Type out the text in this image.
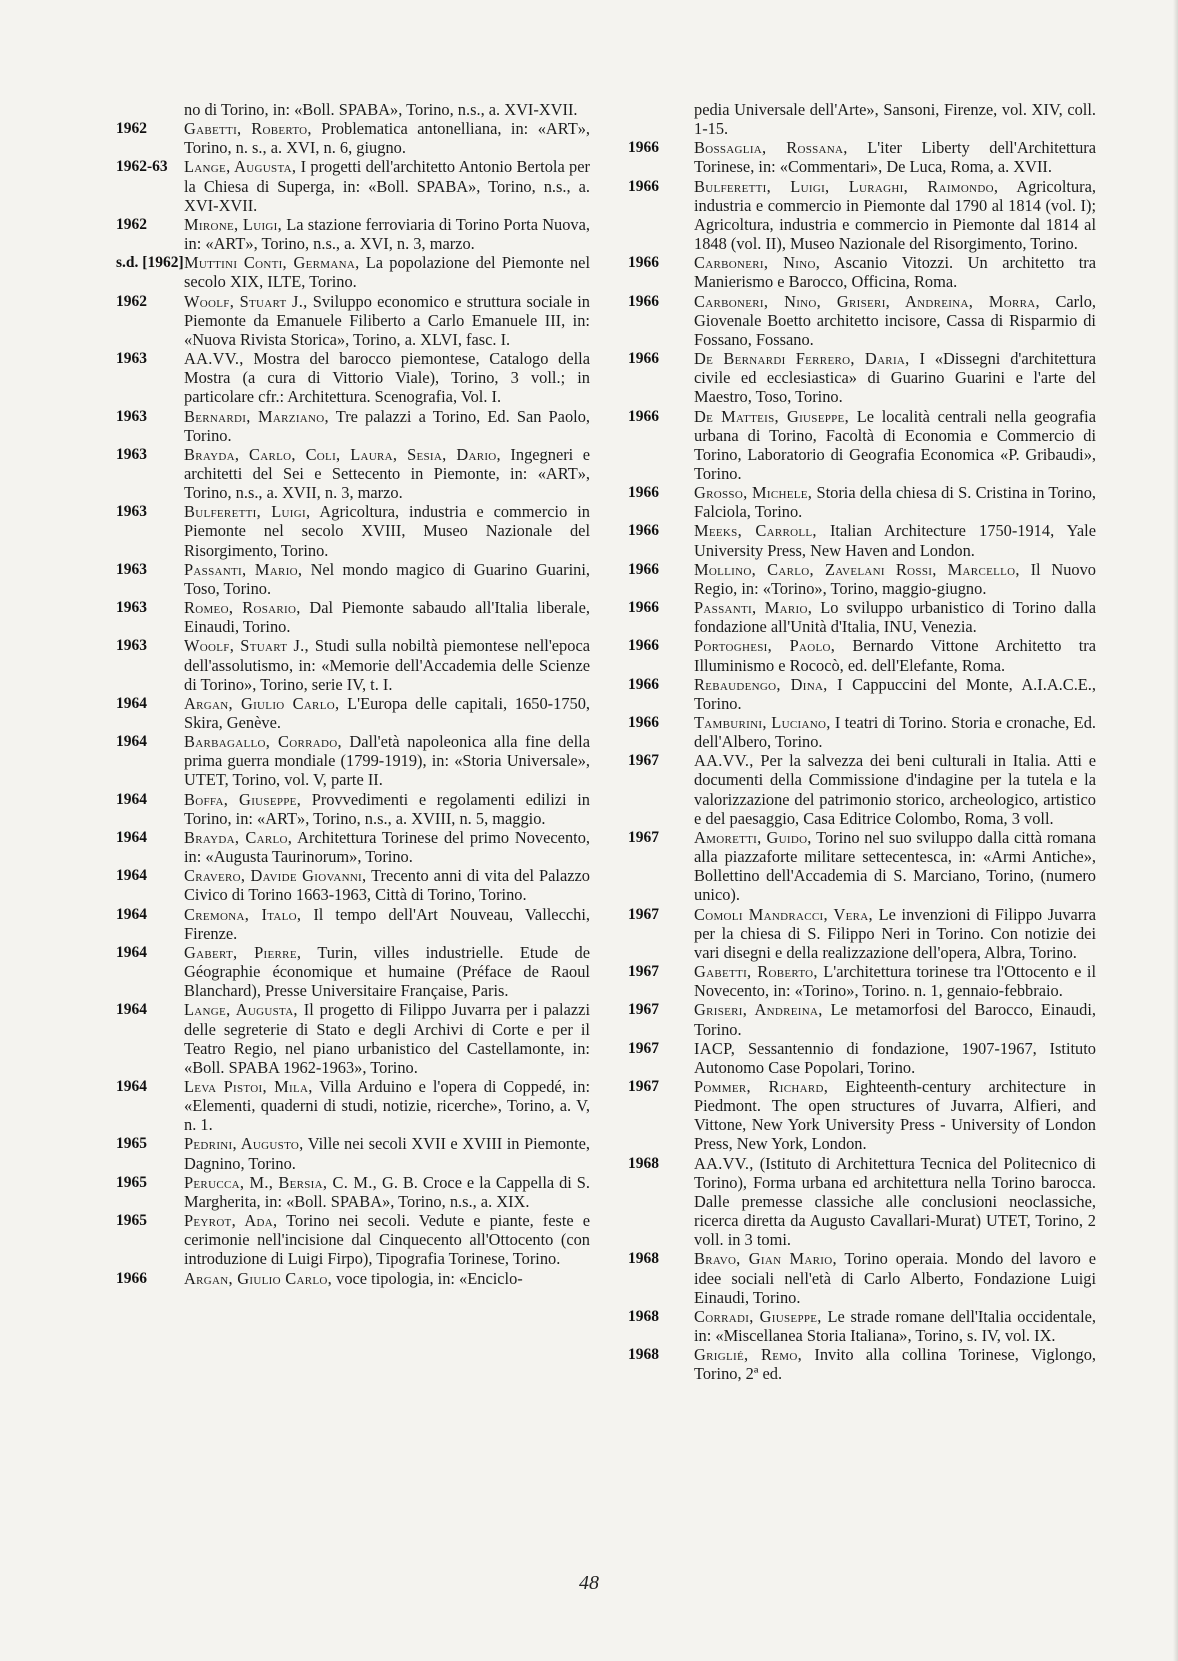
no di Torino, in: «Boll. SPABA», Torino, n.s., a. XVI-XVII.

1962	Gabetti, Roberto, Problematica antonelliana, in: «ART», Torino, n. s., a. XVI, n. 6, giugno.

1962-63 Lange, Augusta, I progetti dell'architetto Antonio Bertola per la Chiesa di Superga, in: «Boll. SPABA», Torino, n.s., a. XVI-XVII.

1962	Mirone, Luigi, La stazione ferroviaria di Torino Porta Nuova, in: «ART», Torino, n.s., a. XVI, n. 3, marzo.

s.d. [1962] Muttini Conti, Germana, La popolazione del Piemonte nel secolo XIX, ILTE, Torino.

1962	Woolf, Stuart J., Sviluppo economico e struttura sociale in Piemonte da Emanuele Filiberto a Carlo Emanuele III, in: «Nuova Rivista Storica», Torino, a. XLVI, fasc. I.

1963	AA.VV., Mostra del barocco piemontese, Catalogo della Mostra (a cura di Vittorio Viale), Torino, 3 voll.; in particolare cfr.: Architettura. Scenografia, Vol. I.

1963	Bernardi, Marziano, Tre palazzi a Torino, Ed. San Paolo, Torino.

1963	Brayda, Carlo, Coli, Laura, Sesia, Dario, Ingegneri e architetti del Sei e Settecento in Piemonte, in: «ART», Torino, n.s., a. XVII, n. 3, marzo.

1963	Bulferetti, Luigi, Agricoltura, industria e commercio in Piemonte nel secolo XVIII, Museo Nazionale del Risorgimento, Torino.

1963	Passanti, Mario, Nel mondo magico di Guarino Guarini, Toso, Torino.

1963	Romeo, Rosario, Dal Piemonte sabaudo all'Italia liberale, Einaudi, Torino.

1963	Woolf, Stuart J., Studi sulla nobiltà piemontese nell'epoca dell'assolutismo, in: «Memorie dell'Accademia delle Scienze di Torino», Torino, serie IV, t. I.

1964	Argan, Giulio Carlo, L'Europa delle capitali, 1650-1750, Skira, Genève.

1964	Barbagallo, Corrado, Dall'età napoleonica alla fine della prima guerra mondiale (1799-1919), in: «Storia Universale», UTET, Torino, vol. V, parte II.

1964	Boffa, Giuseppe, Provvedimenti e regolamenti edilizi in Torino, in: «ART», Torino, n.s., a. XVIII, n. 5, maggio.

1964	Brayda, Carlo, Architettura Torinese del primo Novecento, in: «Augusta Taurinorum», Torino.

1964	Cravero, Davide Giovanni, Trecento anni di vita del Palazzo Civico di Torino 1663-1963, Città di Torino, Torino.

1964	Cremona, Italo, Il tempo dell'Art Nouveau, Vallecchi, Firenze.

1964	Gabert, Pierre, Turin, villes industrielle. Etude de Géographie économique et humaine (Préface de Raoul Blanchard), Presse Universitaire Française, Paris.

1964	Lange, Augusta, Il progetto di Filippo Juvarra per i palazzi delle segreterie di Stato e degli Archivi di Corte e per il Teatro Regio, nel piano urbanistico del Castellamonte, in: «Boll. SPABA 1962-1963», Torino.

1964	Leva Pistoi, Mila, Villa Arduino e l'opera di Coppedé, in: «Elementi, quaderni di studi, notizie, ricerche», Torino, a. V, n. 1.

1965	Pedrini, Augusto, Ville nei secoli XVII e XVIII in Piemonte, Dagnino, Torino.

1965	Perucca, M., Bersia, C. M., G. B. Croce e la Cappella di S. Margherita, in: «Boll. SPABA», Torino, n.s., a. XIX.

1965	Peyrot, Ada, Torino nei secoli. Vedute e piante, feste e cerimonie nell'incisione dal Cinquecento all'Ottocento (con introduzione di Luigi Firpo), Tipografia Torinese, Torino.

1966	Argan, Giulio Carlo, voce tipologia, in: «Enciclo-

pedia Universale dell'Arte», Sansoni, Firenze, vol. XIV, coll. 1-15.

1966	Bossaglia, Rossana, L'iter Liberty dell'Architettura Torinese, in: «Commentari», De Luca, Roma, a. XVII.

1966	Bulferetti, Luigi, Luraghi, Raimondo, Agricoltura, industria e commercio in Piemonte dal 1790 al 1814 (vol. I); Agricoltura, industria e commercio in Piemonte dal 1814 al 1848 (vol. II), Museo Nazionale del Risorgimento, Torino.

1966	Carboneri, Nino, Ascanio Vitozzi. Un architetto tra Manierismo e Barocco, Officina, Roma.

1966	Carboneri, Nino, Griseri, Andreina, Morra, Carlo, Giovenale Boetto architetto incisore, Cassa di Risparmio di Fossano, Fossano.

1966	De Bernardi Ferrero, Daria, I «Dissegni d'architettura civile ed ecclesiastica» di Guarino Guarini e l'arte del Maestro, Toso, Torino.

1966	De Matteis, Giuseppe, Le località centrali nella geografia urbana di Torino, Facoltà di Economia e Commercio di Torino, Laboratorio di Geografia Economica «P. Gribaudi», Torino.

1966	Grosso, Michele, Storia della chiesa di S. Cristina in Torino, Falciola, Torino.

1966	Meeks, Carroll, Italian Architecture 1750-1914, Yale University Press, New Haven and London.

1966	Mollino, Carlo, Zavelani Rossi, Marcello, Il Nuovo Regio, in: «Torino», Torino, maggio-giugno.

1966	Passanti, Mario, Lo sviluppo urbanistico di Torino dalla fondazione all'Unità d'Italia, INU, Venezia.

1966	Portoghesi, Paolo, Bernardo Vittone Architetto tra Illuminismo e Rococò, ed. dell'Elefante, Roma.

1966	Rebaudengo, Dina, I Cappuccini del Monte, A.I.A.C.E., Torino.

1966	Tamburini, Luciano, I teatri di Torino. Storia e cronache, Ed. dell'Albero, Torino.

1967	AA.VV., Per la salvezza dei beni culturali in Italia. Atti e documenti della Commissione d'indagine per la tutela e la valorizzazione del patrimonio storico, archeologico, artistico e del paesaggio, Casa Editrice Colombo, Roma, 3 voll.

1967	Amoretti, Guido, Torino nel suo sviluppo dalla città romana alla piazzaforte militare settecentesca, in: «Armi Antiche», Bollettino dell'Accademia di S. Marciano, Torino, (numero unico).

1967	Comoli Mandracci, Vera, Le invenzioni di Filippo Juvarra per la chiesa di S. Filippo Neri in Torino. Con notizie dei vari disegni e della realizzazione dell'opera, Albra, Torino.

1967	Gabetti, Roberto, L'architettura torinese tra l'Ottocento e il Novecento, in: «Torino», Torino. n. 1, gennaio-febbraio.

1967	Griseri, Andreina, Le metamorfosi del Barocco, Einaudi, Torino.

1967	IACP, Sessantennio di fondazione, 1907-1967, Istituto Autonomo Case Popolari, Torino.

1967	Pommer, Richard, Eighteenth-century architecture in Piedmont. The open structures of Juvarra, Alfieri, and Vittone, New York University Press - University of London Press, New York, London.

1968	AA.VV., (Istituto di Architettura Tecnica del Politecnico di Torino), Forma urbana ed architettura nella Torino barocca. Dalle premesse classiche alle conclusioni neoclassiche, ricerca diretta da Augusto Cavallari-Murat) UTET, Torino, 2 voll. in 3 tomi.

1968	Bravo, Gian Mario, Torino operaia. Mondo del lavoro e idee sociali nell'età di Carlo Alberto, Fondazione Luigi Einaudi, Torino.

1968	Corradi, Giuseppe, Le strade romane dell'Italia occidentale, in: «Miscellanea Storia Italiana», Torino, s. IV, vol. IX.

1968	Griglié, Remo, Invito alla collina Torinese, Viglongo, Torino, 2ª ed.

48
